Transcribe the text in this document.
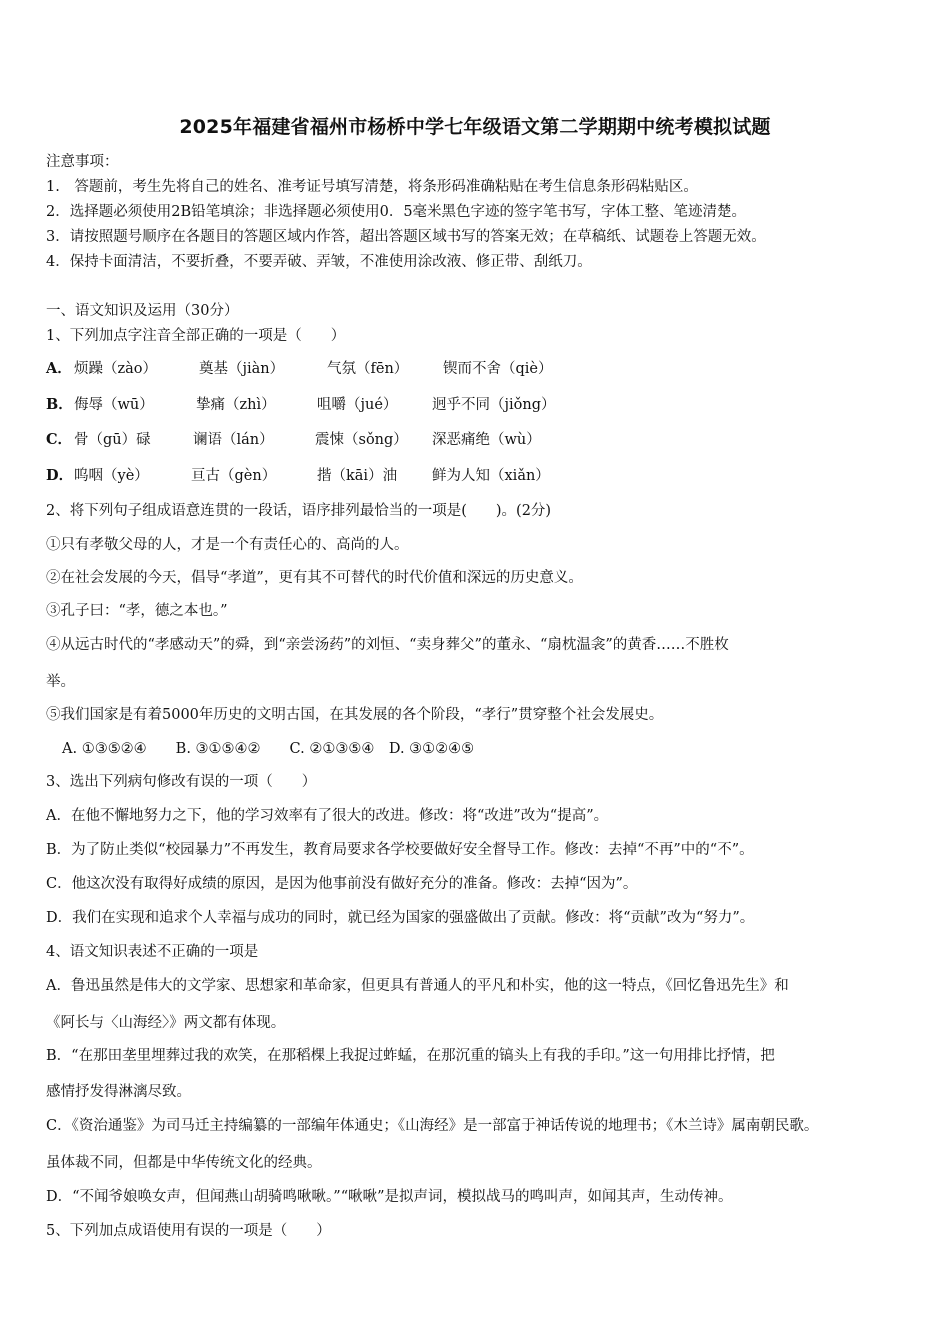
2025年福建省福州市杨桥中学七年级语文第二学期期中统考模拟试题
注意事项：
1.　答题前，考生先将自己的姓名、准考证号填写清楚，将条形码准确粘贴在考生信息条形码粘贴区。
2．选择题必须使用2B铅笔填涂；非选择题必须使用0．5毫米黑色字迹的签字笔书写，字体工整、笔迹清楚。
3．请按照题号顺序在各题目的答题区域内作答，超出答题区域书写的答案无效；在草稿纸、试题卷上答题无效。
4．保持卡面清洁，不要折叠，不要弄破、弄皱，不准使用涂改液、修正带、刮纸刀。
一、语文知识及运用（30分）
1、下列加点字注音全部正确的一项是（　　）
A． 烦躁（zào）	奠基（jiàn）	气氛（fēn） 锲而不舍（qiè）
B． 侮辱（wū）	挚痛（zhì）	咀嚼（jué） 迥乎不同（jiǒng）
C． 骨（gū）碌	谰语（lán）	震悚（sǒng） 深恶痛绝（wù）
D． 呜咽（yè）	亘古（gèn）	揩（kāi）油 鲜为人知（xiǎn）
2、将下列句子组成语意连贯的一段话，语序排列最恰当的一项是(　　)。(2分)
①只有孝敬父母的人，才是一个有责任心的、高尚的人。
②在社会发展的今天，倡导“孝道”，更有其不可替代的时代价值和深远的历史意义。
③孔子曰：“孝，德之本也。”
④从远古时代的“孝感动天”的舜，到“亲尝汤药”的刘恒、“卖身葬父”的董永、“扇枕温衾”的黄香……不胜枚
举。
⑤我们国家是有着5000年历史的文明古国，在其发展的各个阶段，“孝行”贯穿整个社会发展史。
A. ①③⑤②④　　B. ③①⑤④②　　C. ②①③⑤④　D. ③①②④⑤
3、选出下列病句修改有误的一项（　　）
A．在他不懈地努力之下，他的学习效率有了很大的改进。修改：将“改进”改为“提高”。
B．为了防止类似“校园暴力”不再发生，教育局要求各学校要做好安全督导工作。修改：去掉“不再”中的“不”。
C．他这次没有取得好成绩的原因，是因为他事前没有做好充分的准备。修改：去掉“因为”。
D．我们在实现和追求个人幸福与成功的同时，就已经为国家的强盛做出了贡献。修改：将“贡献”改为“努力”。
4、语文知识表述不正确的一项是
A．鲁迅虽然是伟大的文学家、思想家和革命家，但更具有普通人的平凡和朴实，他的这一特点，《回忆鲁迅先生》和
《阿长与〈山海经〉》两文都有体现。
B．“在那田垄里埋葬过我的欢笑，在那稻棵上我捉过蚱蜢，在那沉重的镐头上有我的手印。”这一句用排比抒情，把
感情抒发得淋漓尽致。
C．《资治通鉴》为司马迁主持编纂的一部编年体通史；《山海经》是一部富于神话传说的地理书；《木兰诗》属南朝民歌。
虽体裁不同，但都是中华传统文化的经典。
D．“不闻爷娘唤女声，但闻燕山胡骑鸣啾啾。”“啾啾”是拟声词，模拟战马的鸣叫声，如闻其声，生动传神。
5、下列加点成语使用有误的一项是（　　）
